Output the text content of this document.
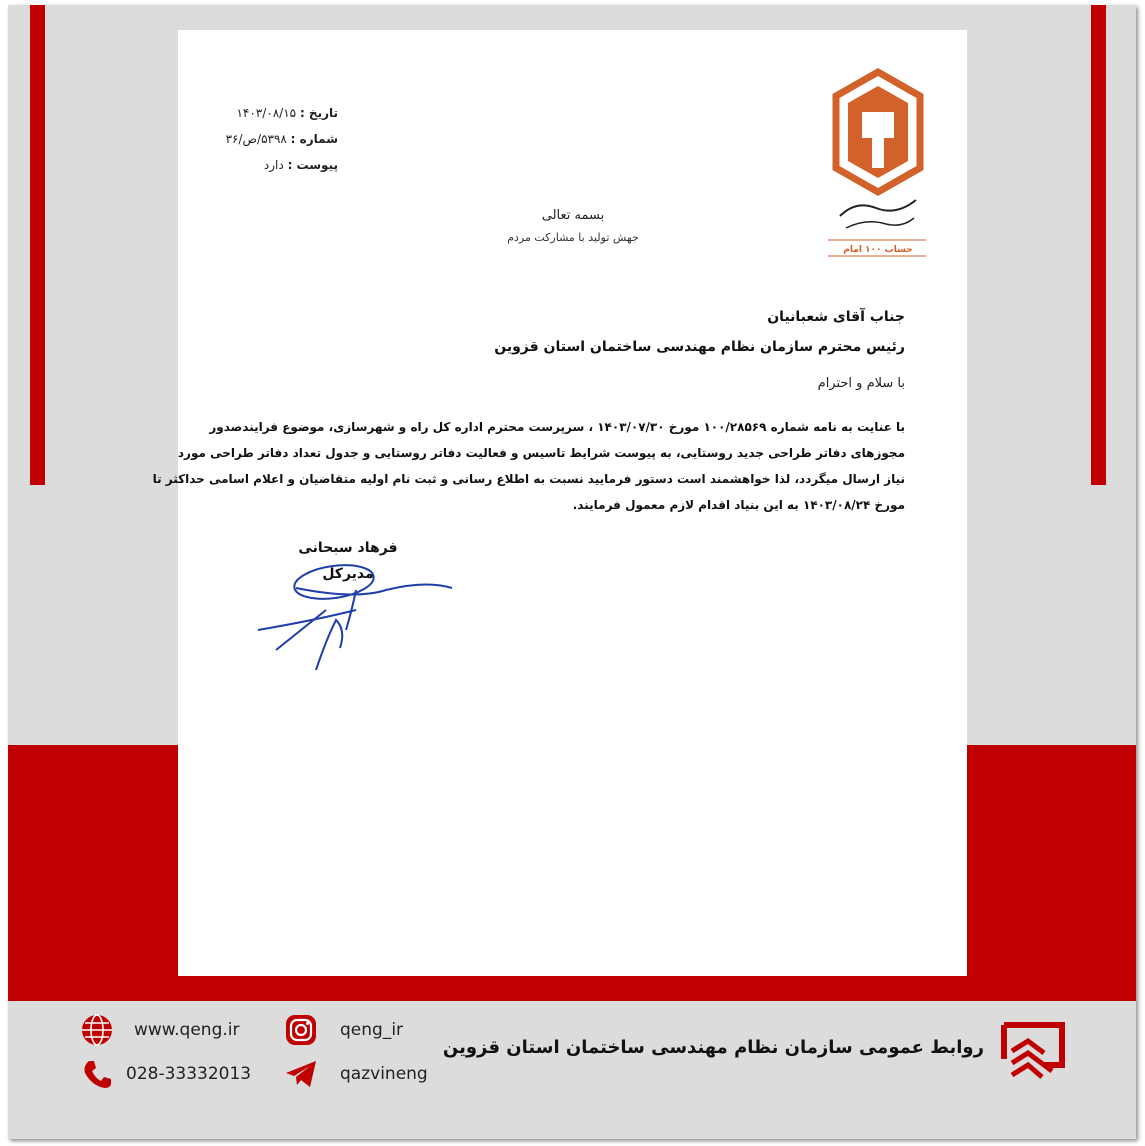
تاریخ : ۱۴۰۳/۰۸/۱۵
شماره : ۵۳۹۸/ص/۳۶
پیوست : دارد
حساب ۱۰۰ امام
بسمه تعالی
جهش تولید با مشارکت مردم
جناب آقای شعبانیان
رئیس محترم سازمان نظام مهندسی ساختمان استان قزوین
با سلام و احترام
با عنایت به نامه شماره ۱۰۰/۲۸۵۶۹ مورخ ۱۴۰۳/۰۷/۳۰ ، سرپرست محترم اداره کل راه و شهرسازی، موضوع فرایندصدور
مجوزهای دفاتر طراحی جدید روستایی، به پیوست شرایط تاسیس و فعالیت دفاتر روستایی و جدول تعداد دفاتر طراحی مورد
نیاز ارسال میگردد، لذا خواهشمند است دستور فرمایید نسبت به اطلاع رسانی و ثبت نام اولیه متقاضیان و اعلام اسامی حداکثر تا
مورخ ۱۴۰۳/۰۸/۲۴ به این بنیاد اقدام لازم معمول فرمایند.
فرهاد سبحانی
مدیرکل
www.qeng.ir	qeng_ir
028-33332013	qazvineng
روابط عمومی سازمان نظام مهندسی ساختمان استان قزوین
